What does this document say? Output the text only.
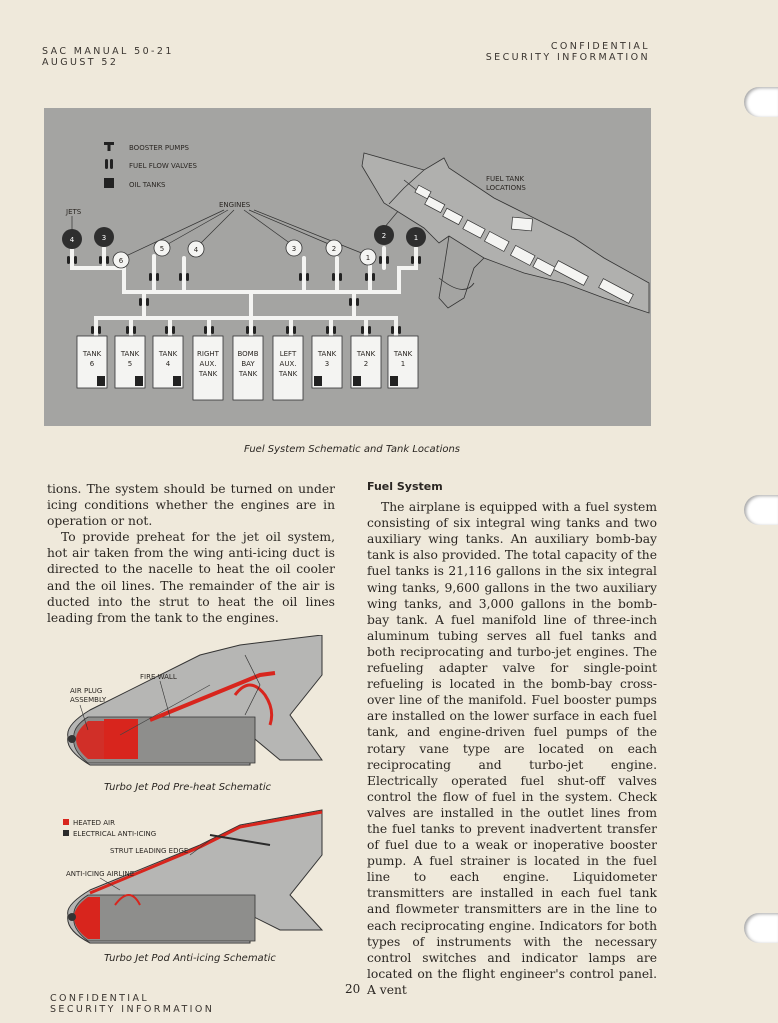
SAC MANUAL 50-21
AUGUST 52
CONFIDENTIAL
SECURITY INFORMATION
BOOSTER PUMPS
FUEL FLOW VALVES
OIL TANKS
ENGINES
JETS
FUEL TANK
LOCATIONS
4	3	2	1
6
5	4	3	2
1
TANK
6
TANK
5
TANK
4
RIGHT
AUX.
TANK
BOMB
BAY
TANK
LEFT
AUX.
TANK
TANK
3
TANK
2
TANK
1
Fuel System Schematic and Tank Locations

tions. The system should be turned on under icing conditions whether the engines are in operation or not.

To provide preheat for the jet oil system, hot air taken from the wing anti-icing duct is directed to the nacelle to heat the oil cooler and the oil lines. The remainder of the air is ducted into the strut to heat the oil lines leading from the tank to the engines.

FIRE WALL
AIR PLUG
ASSEMBLY
Turbo Jet Pod Pre-heat Schematic
HEATED AIR
ELECTRICAL ANTI-ICING
STRUT LEADING EDGE
ANTI-ICING AIRLINE
Turbo Jet Pod Anti-icing Schematic

Fuel System

The airplane is equipped with a fuel system consisting of six integral wing tanks and two auxiliary wing tanks. An auxiliary bomb-bay tank is also provided. The total capacity of the fuel tanks is 21,116 gallons in the six integral wing tanks, 9,600 gallons in the two auxiliary wing tanks, and 3,000 gallons in the bomb-bay tank. A fuel manifold line of three-inch aluminum tubing serves all fuel tanks and both reciprocating and turbo-jet engines. The refueling adapter valve for single-point refueling is located in the bomb-bay cross-over line of the manifold. Fuel booster pumps are installed on the lower surface in each fuel tank, and engine-driven fuel pumps of the rotary vane type are located on each reciprocating and turbo-jet engine. Electrically operated fuel shut-off valves control the flow of fuel in the system. Check valves are installed in the outlet lines from the fuel tanks to prevent inadvertent transfer of fuel due to a weak or inoperative booster pump. A fuel strainer is located in the fuel line to each engine. Liquidometer transmitters are installed in each fuel tank and flowmeter transmitters are in the line to each reciprocating engine. Indicators for both types of instruments with the necessary control switches and indicator lamps are located on the flight engineer's control panel. A vent

20
CONFIDENTIAL
SECURITY INFORMATION
